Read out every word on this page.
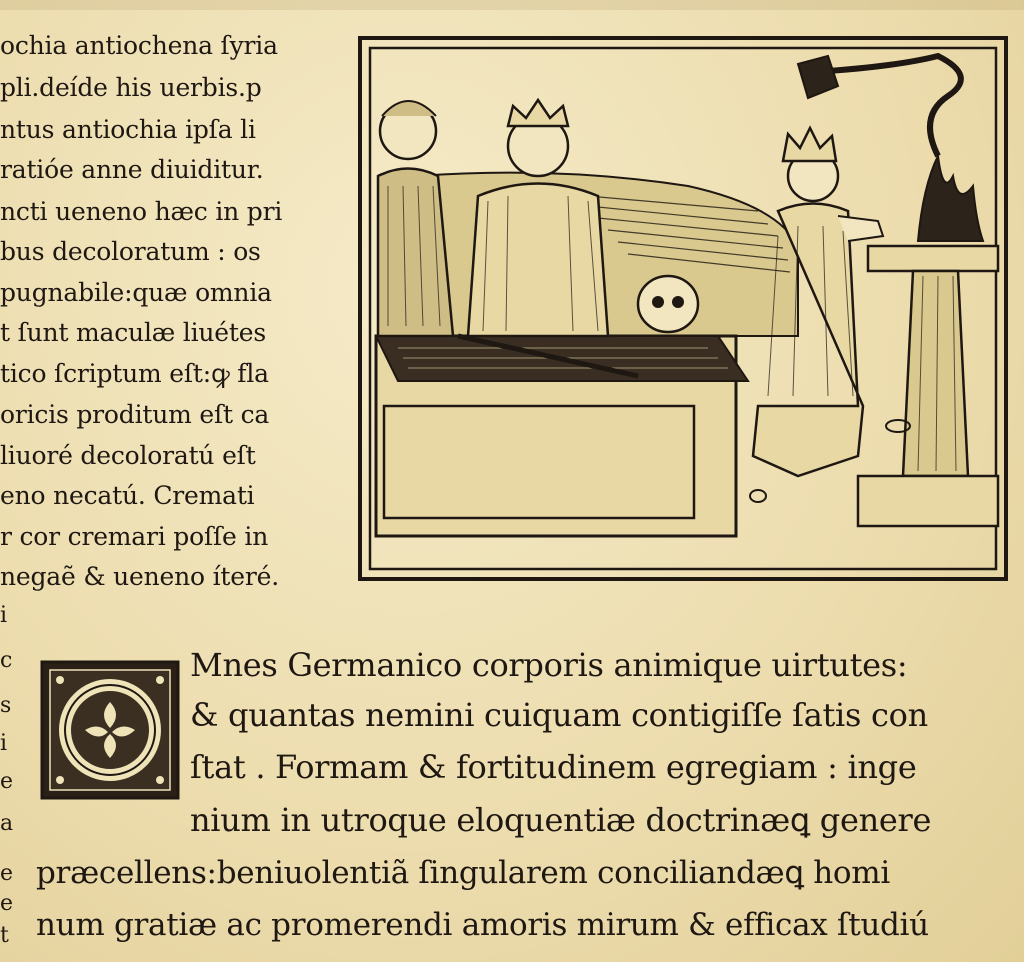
ochia antiochena ſyria
pli.deíde his uerbis.p
ntus antiochia ipſa li
ratióe anne diuiditur.
ncti ueneno hæc in pri
bus decoloratum : os
pugnabile:quæ omnia
t ſunt maculæ liuétes
tico ſcriptum eſt:ꝙ fla
oricis proditum eſt ca
liuoré decoloratú eſt
eno necatú. Cremati
r cor cremari poſſe in
negaẽ & ueneno íteré.
i
c
s
i
e
a
e
e
t
Mnes Germanico corporis animique uirtutes:
& quantas nemini cuiquam contigiſſe ſatis con
ſtat . Formam & fortitudinem egregiam : inge
nium in utroque eloquentiæ doctrinæꝗ genere
præcellens:beniuolentiã ſingularem conciliandæꝗ homi
num gratiæ ac promerendi amoris mirum & efficax ſtudiú
